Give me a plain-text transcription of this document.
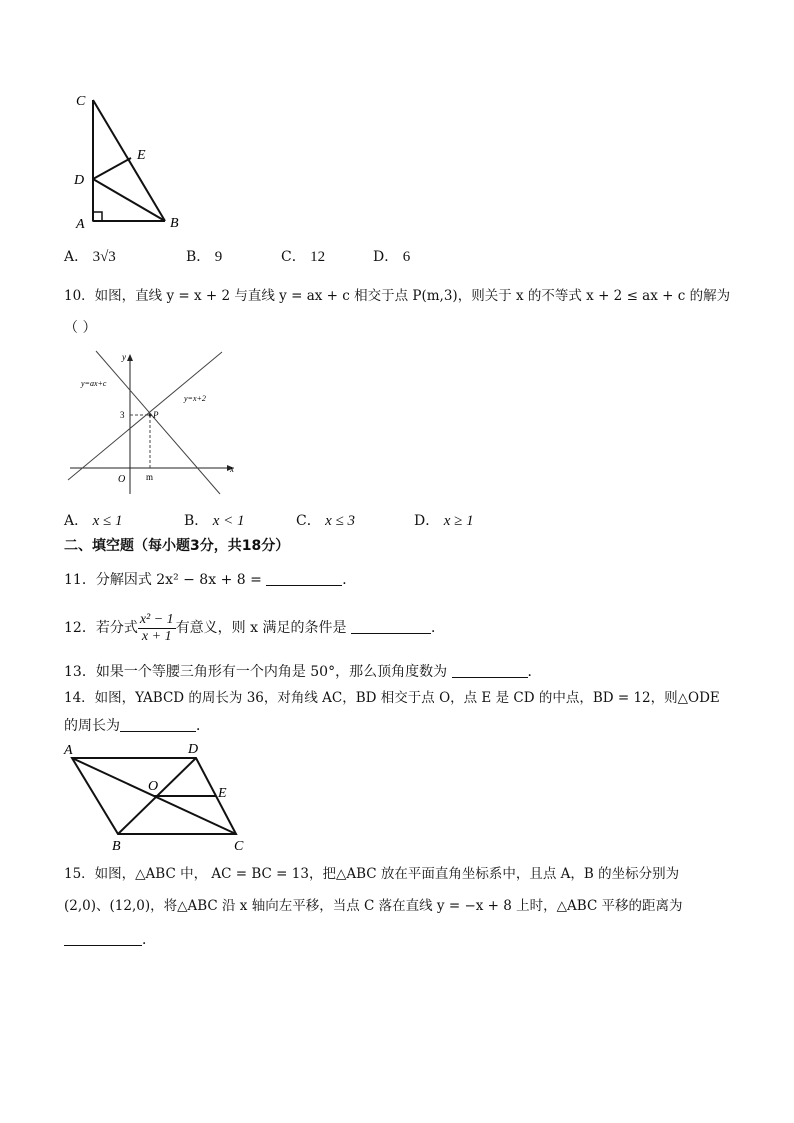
C
E
D
A	B
A． 3√3	B． 9	C． 12	D． 6
10．如图，直线 y = x + 2 与直线 y = ax + c 相交于点 P(m,3)，则关于 x 的不等式 x + 2 ≤ ax + c 的解为
（ ）
y
x
O m
3	P
y=ax+c
y=x+2
A． x ≤ 1	B． x < 1	C． x ≤ 3	D． x ≥ 1
二、填空题（每小题3分，共18分）
11．分解因式 2x² − 8x + 8 =	．
12．若分式 $\frac{\text{x² − 1}}{x + 1}$ 有意义，则 x 满足的条件是	．
13．如果一个等腰三角形有一个内角是 50°，那么顶角度数为	．
14．如图，YABCD 的周长为 36，对角线 AC，BD 相交于点 O，点 E 是 CD 的中点，BD = 12，则△ODE
的周长为	．
A	D
O	E
B	C
15．如图，△ABC 中， AC = BC = 13，把△ABC 放在平面直角坐标系中，且点 A，B 的坐标分别为
(2,0)、(12,0)，将△ABC 沿 x 轴向左平移，当点 C 落在直线 y = −x + 8 上时，△ABC 平移的距离为
．
